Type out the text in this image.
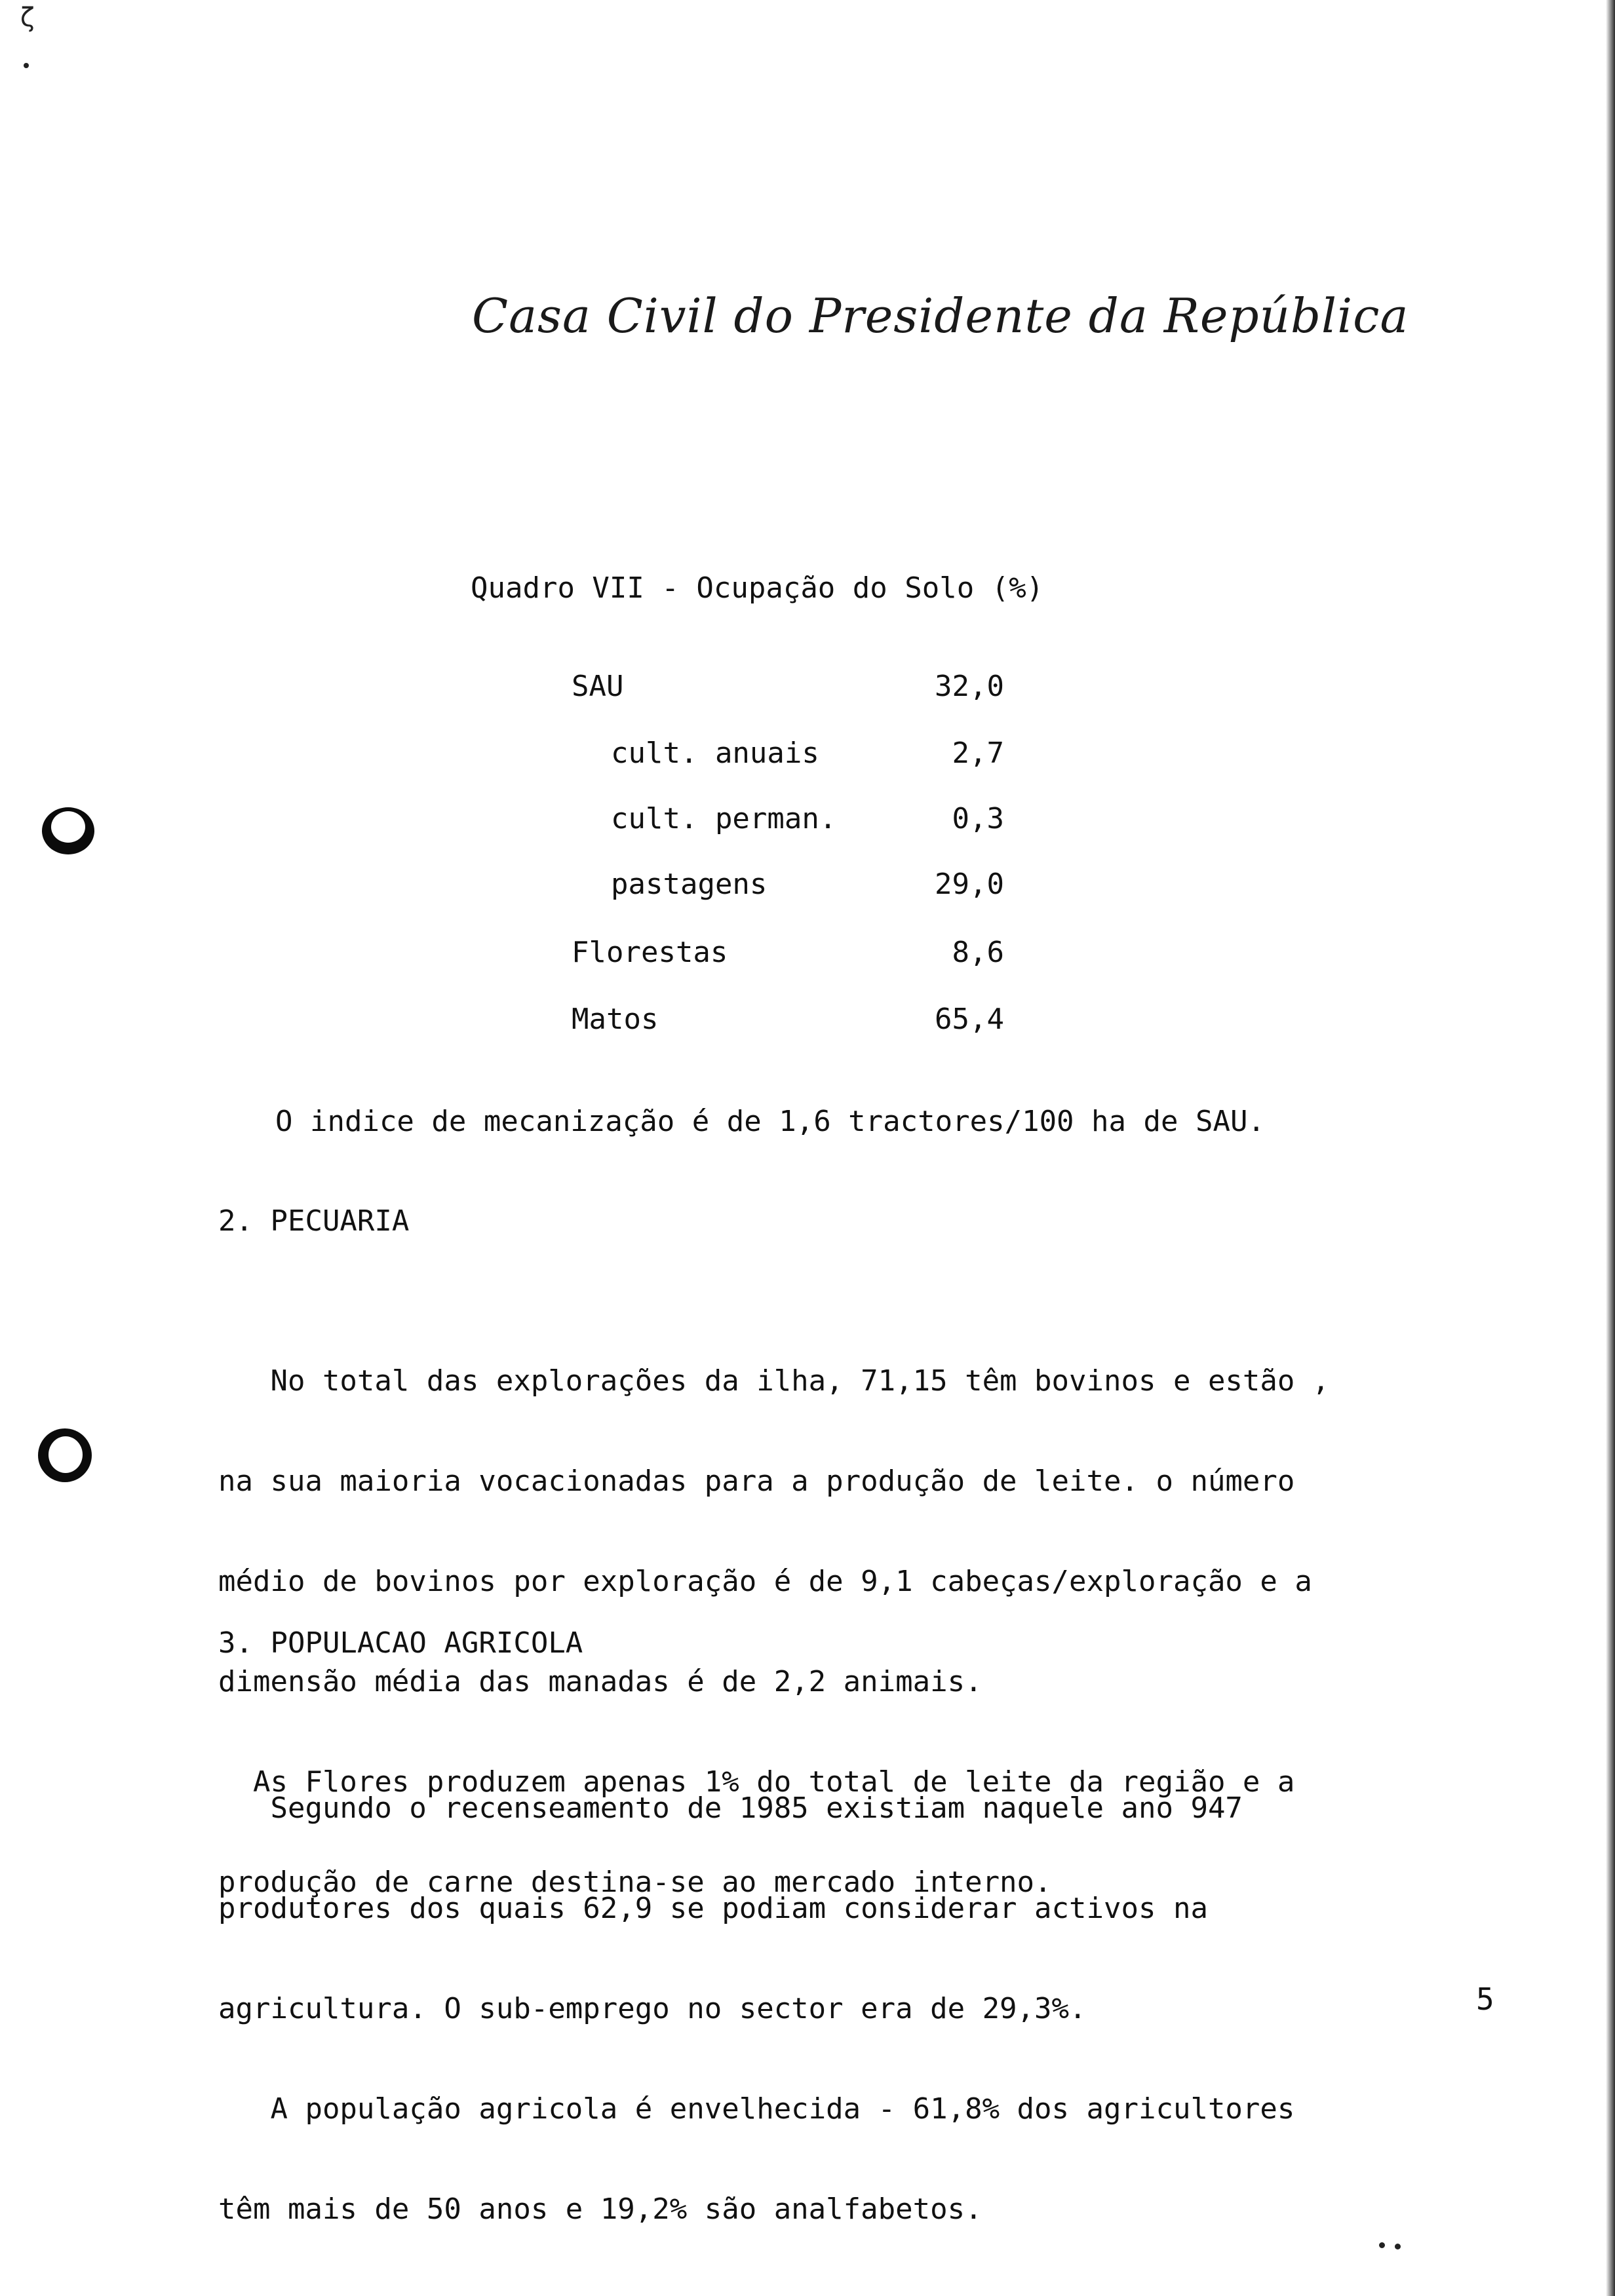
ζ
Casa Civil do Presidente da República
Quadro VII - Ocupação do Solo (%)
SAU	32,0
cult. anuais	2,7
cult. perman.	0,3
pastagens	29,0
Florestas	8,6
Matos	65,4
O indice de mecanização é de 1,6 tractores/100 ha de SAU.
2. PECUARIA

No total das explorações da ilha, 71,15 têm bovinos e estão ,

na sua maioria vocacionadas para a produção de leite. o número

médio de bovinos por exploração é de 9,1 cabeças/exploração e a

dimensão média das manadas é de 2,2 animais.

As Flores produzem apenas 1% do total de leite da região e a

produção de carne destina-se ao mercado interno.

3. POPULACAO AGRICOLA

Segundo o recenseamento de 1985 existiam naquele ano 947

produtores dos quais 62,9 se podiam considerar activos na

agricultura. O sub-emprego no sector era de 29,3%.

A população agricola é envelhecida - 61,8% dos agricultores

têm mais de 50 anos e 19,2% são analfabetos.

5
